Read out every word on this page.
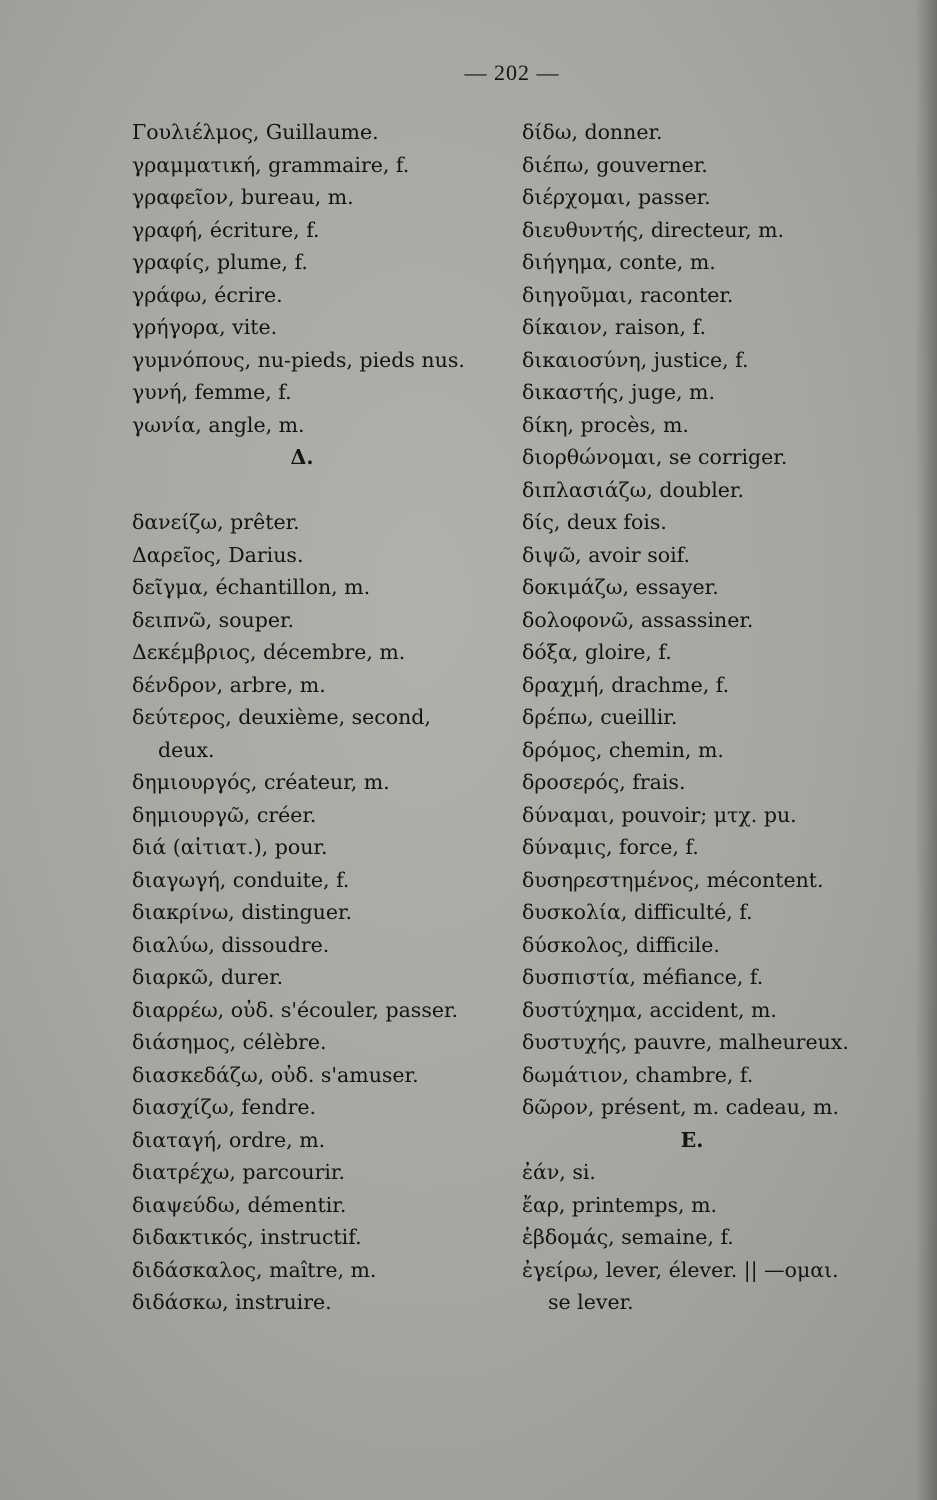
— 202 —
Γουλιέλμος, Guillaume.
γραμματική, grammaire, f.
γραφεῖον, bureau, m.
γραφή, écriture, f.
γραφίς, plume, f.
γράφω, écrire.
γρήγορα, vite.
γυμνόπους, nu-pieds, pieds nus.
γυνή, femme, f.
γωνία, angle, m.
Δ.

δανείζω, prêter.
Δαρεῖος, Darius.
δεῖγμα, échantillon, m.
δειπνῶ, souper.
Δεκέμβριος, décembre, m.
δένδρον, arbre, m.
δεύτερος, deuxième, second,
deux.
δημιουργός, créateur, m.
δημιουργῶ, créer.
διά (αἰτιατ.), pour.
διαγωγή, conduite, f.
διακρίνω, distinguer.
διαλύω, dissoudre.
διαρκῶ, durer.
διαρρέω, οὐδ. s'écouler, passer.
διάσημος, célèbre.
διασκεδάζω, οὐδ. s'amuser.
διασχίζω, fendre.
διαταγή, ordre, m.
διατρέχω, parcourir.
διαψεύδω, démentir.
διδακτικός, instructif.
διδάσκαλος, maître, m.
διδάσκω, instruire.
δίδω, donner.
διέπω, gouverner.
διέρχομαι, passer.
διευθυντής, directeur, m.
διήγημα, conte, m.
διηγοῦμαι, raconter.
δίκαιον, raison, f.
δικαιοσύνη, justice, f.
δικαστής, juge, m.
δίκη, procès, m.
διορθώνομαι, se corriger.
διπλασιάζω, doubler.
δίς, deux fois.
διψῶ, avoir soif.
δοκιμάζω, essayer.
δολοφονῶ, assassiner.
δόξα, gloire, f.
δραχμή, drachme, f.
δρέπω, cueillir.
δρόμος, chemin, m.
δροσερός, frais.
δύναμαι, pouvoir; μτχ. pu.
δύναμις, force, f.
δυσηρεστημένος, mécontent.
δυσκολία, difficulté, f.
δύσκολος, difficile.
δυσπιστία, méfiance, f.
δυστύχημα, accident, m.
δυστυχής, pauvre, malheureux.
δωμάτιον, chambre, f.
δῶρον, présent, m. cadeau, m.
Ε.
ἐάν, si.
ἔαρ, printemps, m.
ἑβδομάς, semaine, f.
ἐγείρω, lever, élever. || —ομαι.
se lever.
